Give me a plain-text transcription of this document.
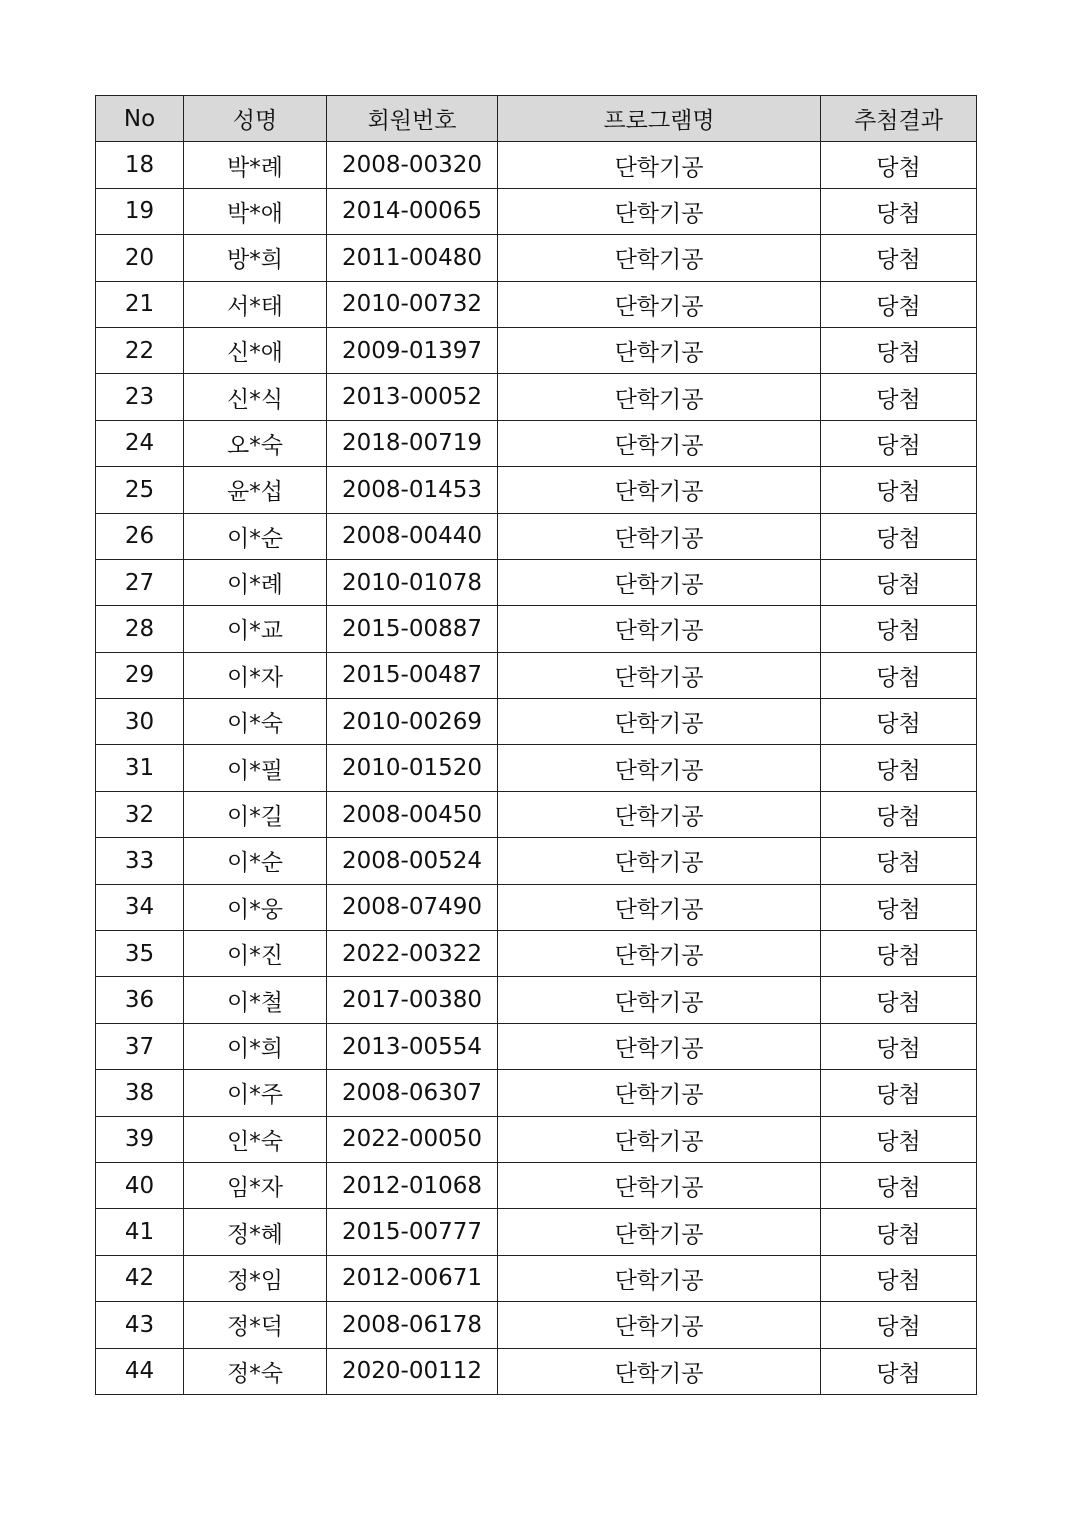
No	성명	회원번호	프로그램명	추첨결과
18	박*례	2008-00320	단학기공	당첨
19	박*애	2014-00065	단학기공	당첨
20	방*희	2011-00480	단학기공	당첨
21	서*태	2010-00732	단학기공	당첨
22	신*애	2009-01397	단학기공	당첨
23	신*식	2013-00052	단학기공	당첨
24	오*숙	2018-00719	단학기공	당첨
25	윤*섭	2008-01453	단학기공	당첨
26	이*순	2008-00440	단학기공	당첨
27	이*례	2010-01078	단학기공	당첨
28	이*교	2015-00887	단학기공	당첨
29	이*자	2015-00487	단학기공	당첨
30	이*숙	2010-00269	단학기공	당첨
31	이*필	2010-01520	단학기공	당첨
32	이*길	2008-00450	단학기공	당첨
33	이*순	2008-00524	단학기공	당첨
34	이*웅	2008-07490	단학기공	당첨
35	이*진	2022-00322	단학기공	당첨
36	이*철	2017-00380	단학기공	당첨
37	이*희	2013-00554	단학기공	당첨
38	이*주	2008-06307	단학기공	당첨
39	인*숙	2022-00050	단학기공	당첨
40	임*자	2012-01068	단학기공	당첨
41	정*혜	2015-00777	단학기공	당첨
42	정*임	2012-00671	단학기공	당첨
43	정*덕	2008-06178	단학기공	당첨
44	정*숙	2020-00112	단학기공	당첨
